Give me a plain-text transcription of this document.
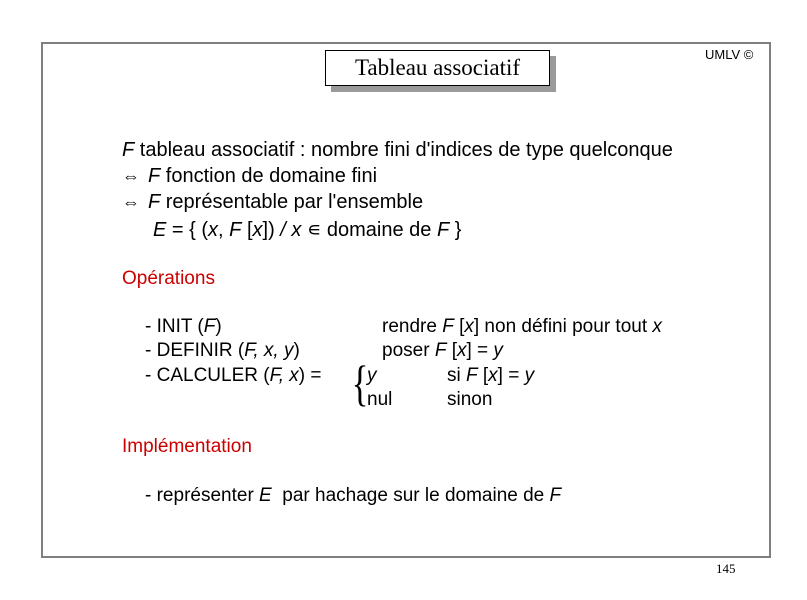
Tableau associatif
UMLV ©
F tableau associatif : nombre fini d'indices de type quelconque
⇔ F fonction de domaine fini
⇔ F représentable par l'ensemble
E = { (x, F [x]) / x ∊ domaine de F }
Opérations
- INIT (F)	rendre F [x] non défini pour tout x
- DEFINIR (F, x, y)	poser F [x] = y
- CALCULER (F, x) = {
y	si F [x] = y
nul	sinon
Implémentation
- représenter E  par hachage sur le domaine de F
145
